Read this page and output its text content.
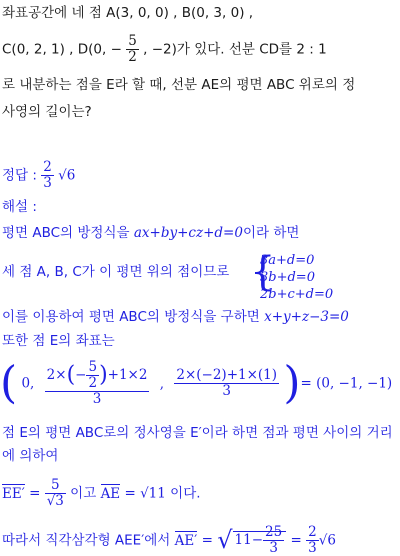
좌표공간에 네 점 A(3, 0, 0) , B(0, 3, 0) ,
C(0, 2, 1) , D(0, − $\frac{5}{2}$ , −2)가 있다. 선분 CD를 2 : 1
로 내분하는 점을 E라 할 때, 선분 AE의 평면 ABC 위로의 정
사영의 길이는?
정답 : $\frac{2}{3} √6$
해설 :
평면 ABC의 방정식을 ax+by+cz+d=0이라 하면
세 점 A, B, C가 이 평면 위의 점이므로 {
3a+d=0
3b+d=0
2b+c+d=0
이를 이용하여 평면 ABC의 방정식을 구하면 x+y+z−3=0
또한 점 E의 좌표는
( 0, $\frac{2\times(- \frac{5}{2} )+1\times 2}{3}$ , $\frac{2\times(-2)+1\times(1)}{3}$ )= (0, −1, −1)
점 E의 평면 ABC로의 정사영을 E′이라 하면 점과 평면 사이의 거리
에 의하여
$EE' = \frac{5}{√3}$ 이고 AE = √11 이다.
따라서 직각삼각형 AEE′에서 AE′ = √ $11- \frac{25}{3} = \frac{2}{3} √6$
